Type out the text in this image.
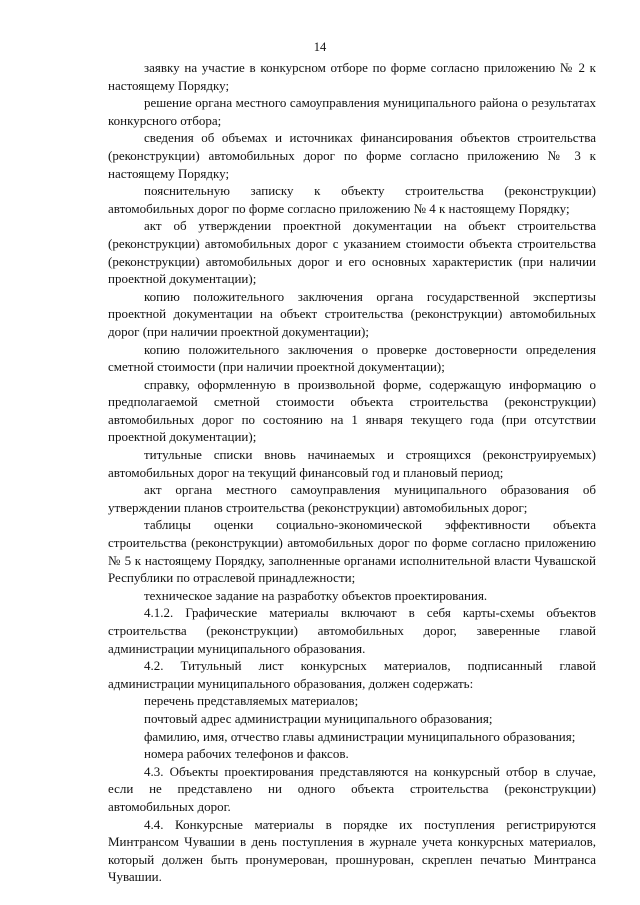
14

заявку на участие в конкурсном отборе по форме согласно приложению № 2 к настоящему Порядку;

решение органа местного самоуправления муниципального района о результатах конкурсного отбора;

сведения об объемах и источниках финансирования объектов строительства (реконструкции) автомобильных дорог по форме согласно приложению № 3 к настоящему Порядку;

пояснительную записку к объекту строительства (реконструкции) автомобильных дорог по форме согласно приложению № 4 к настоящему Порядку;

акт об утверждении проектной документации на объект строительства (реконструкции) автомобильных дорог с указанием стоимости объекта строительства (реконструкции) автомобильных дорог и его основных характеристик (при наличии проектной документации);

копию положительного заключения органа государственной экспертизы проектной документации на объект строительства (реконструкции) автомобильных дорог (при наличии проектной документации);

копию положительного заключения о проверке достоверности определения сметной стоимости (при наличии проектной документации);

справку, оформленную в произвольной форме, содержащую информацию о предполагаемой сметной стоимости объекта строительства (реконструкции) автомобильных дорог по состоянию на 1 января текущего года (при отсутствии проектной документации);

титульные списки вновь начинаемых и строящихся (реконструируемых) автомобильных дорог на текущий финансовый год и плановый период;

акт органа местного самоуправления муниципального образования об утверждении планов строительства (реконструкции) автомобильных дорог;

таблицы оценки социально-экономической эффективности объекта строительства (реконструкции) автомобильных дорог по форме согласно приложению № 5 к настоящему Порядку, заполненные органами исполнительной власти Чувашской Республики по отраслевой принадлежности;

техническое задание на разработку объектов проектирования.

4.1.2. Графические материалы включают в себя карты-схемы объектов строительства (реконструкции) автомобильных дорог, заверенные главой администрации муниципального образования.

4.2. Титульный лист конкурсных материалов, подписанный главой администрации муниципального образования, должен содержать:

перечень представляемых материалов;

почтовый адрес администрации муниципального образования;

фамилию, имя, отчество главы администрации муниципального образования;

номера рабочих телефонов и факсов.

4.3. Объекты проектирования представляются на конкурсный отбор в случае, если не представлено ни одного объекта строительства (реконструкции) автомобильных дорог.

4.4. Конкурсные материалы в порядке их поступления регистрируются Минтрансом Чувашии в день поступления в журнале учета конкурсных материалов, который должен быть пронумерован, прошнурован, скреплен печатью Минтранса Чувашии.
